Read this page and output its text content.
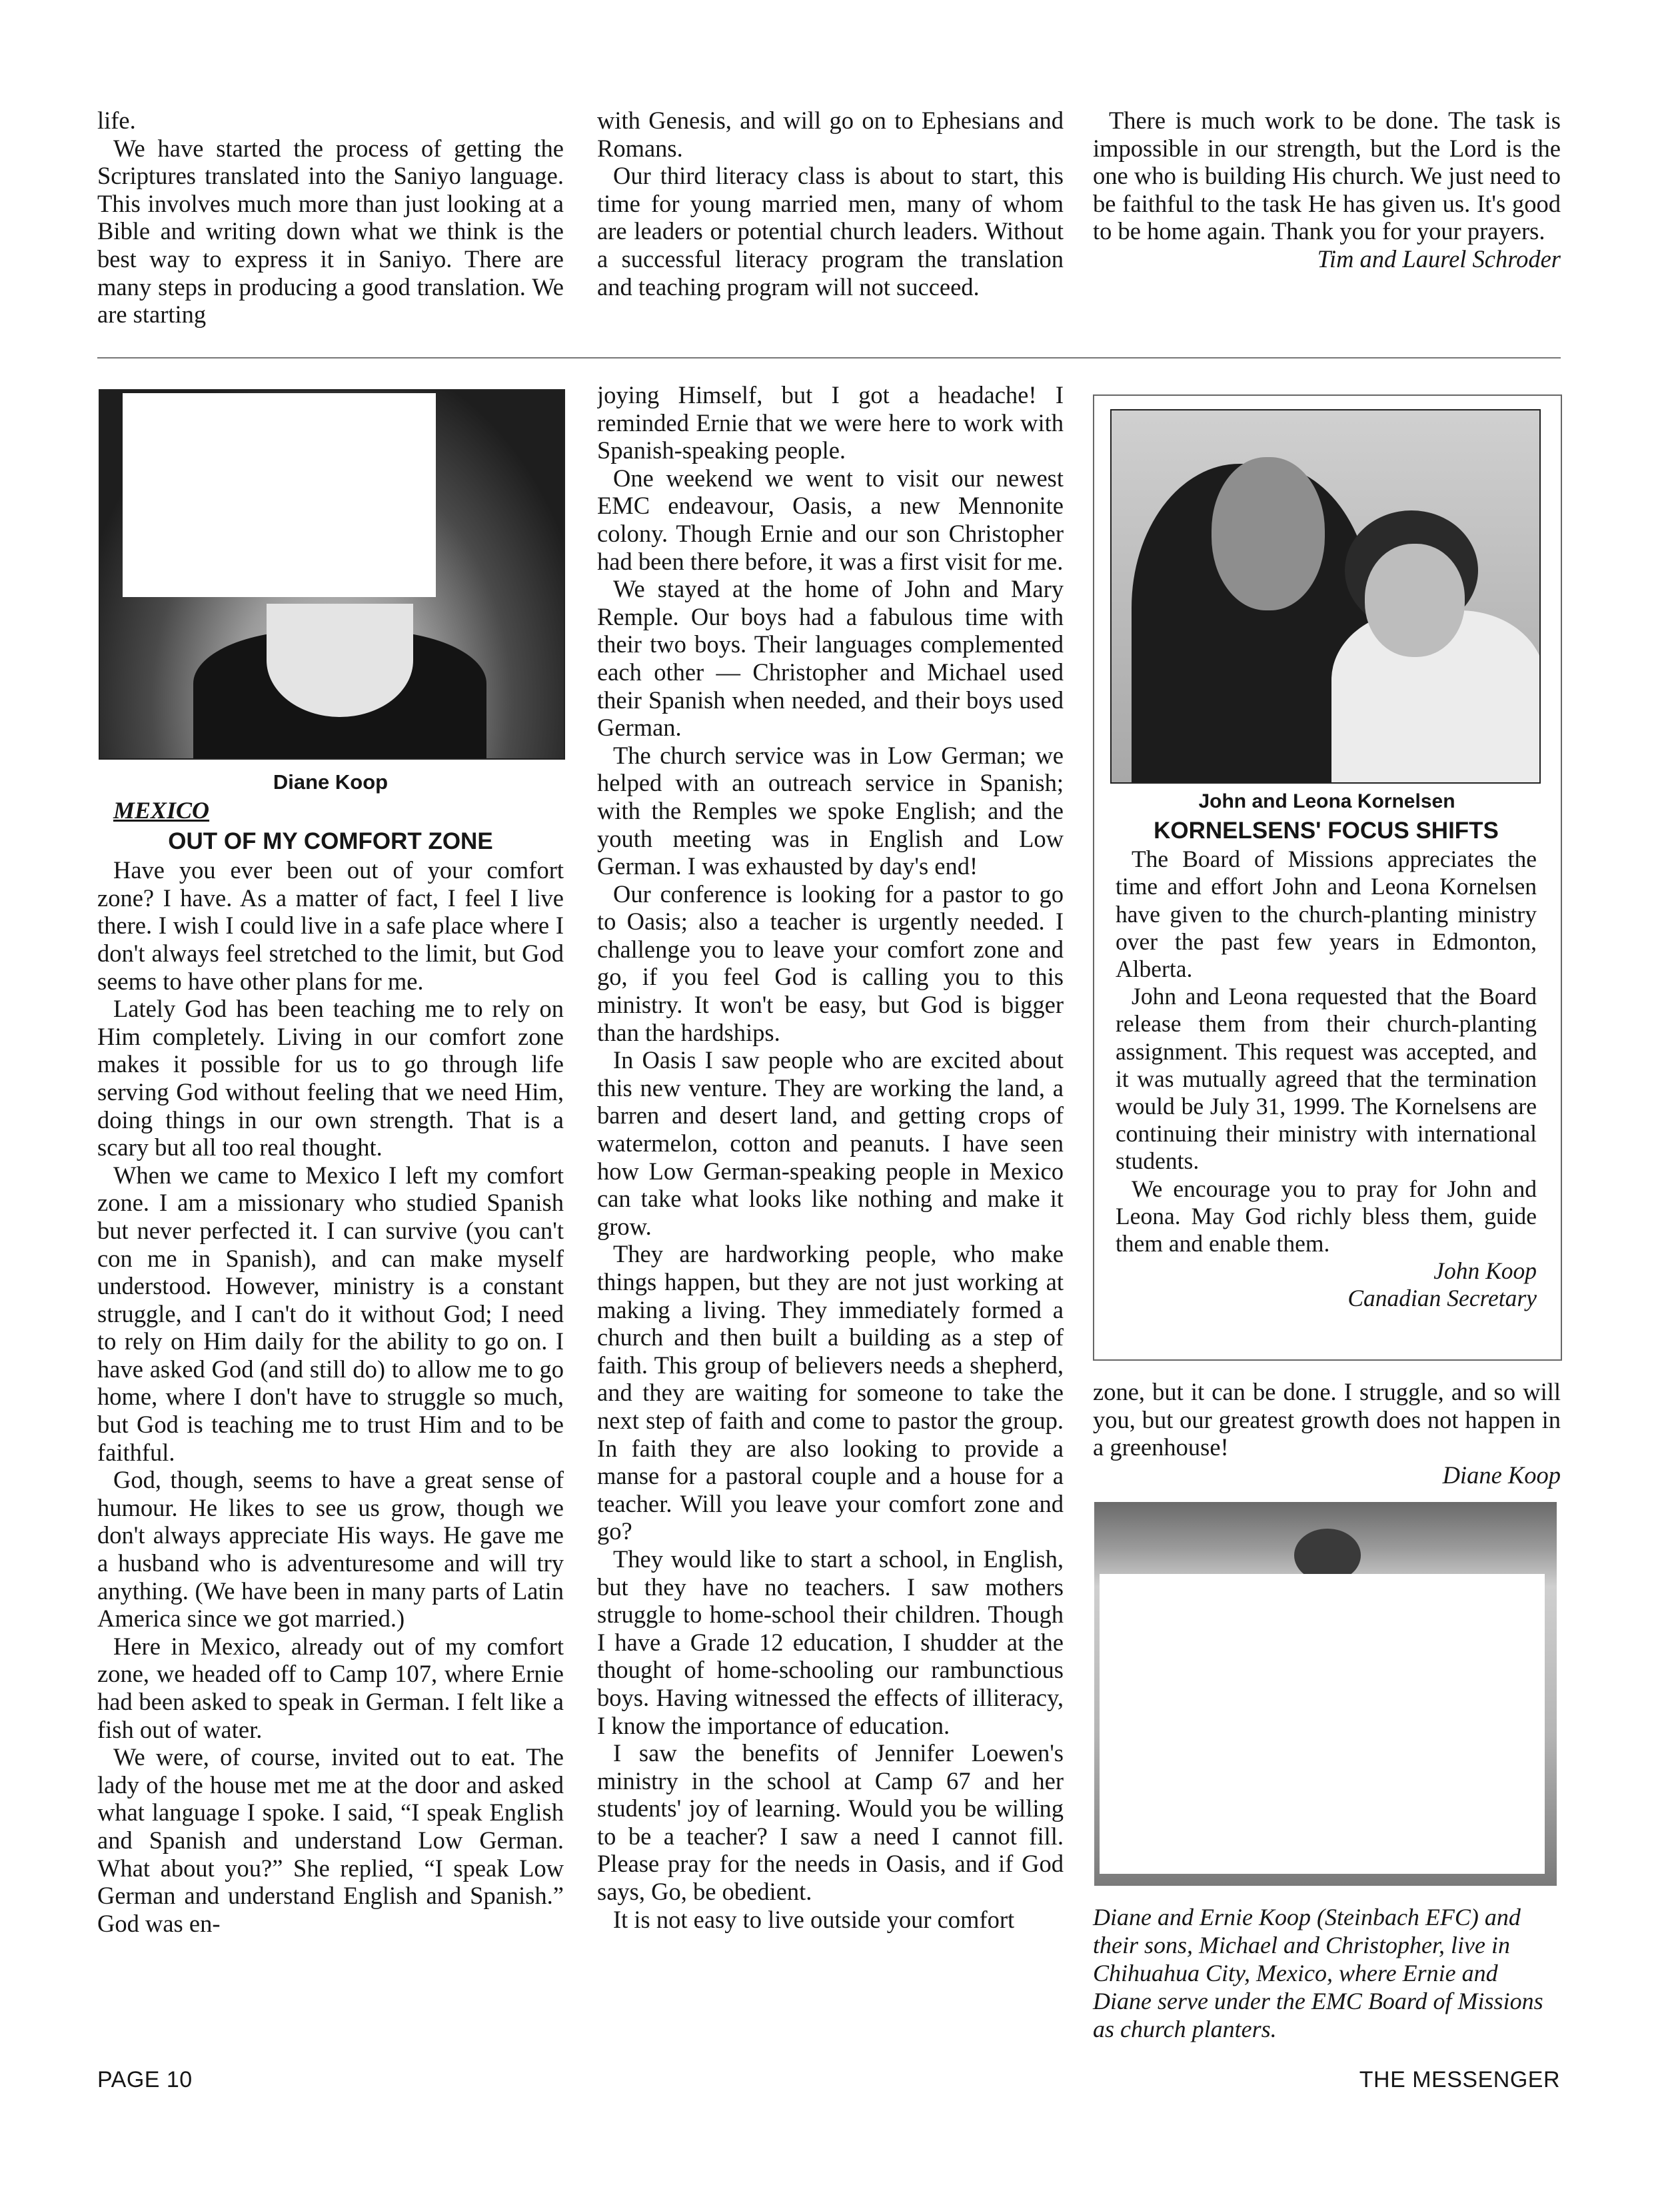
life.

We have started the process of getting the Scriptures translated into the Saniyo language. This involves much more than just looking at a Bible and writing down what we think is the best way to express it in Saniyo. There are many steps in producing a good translation. We are starting

with Genesis, and will go on to Ephesians and Romans.

Our third literacy class is about to start, this time for young married men, many of whom are leaders or potential church leaders. Without a successful literacy program the translation and teaching program will not succeed.

There is much work to be done. The task is impossible in our strength, but the Lord is the one who is building His church. We just need to be faithful to the task He has given us. It's good to be home again. Thank you for your prayers.

Tim and Laurel Schroder

Diane Koop

MEXICO

OUT OF MY COMFORT ZONE

Have you ever been out of your comfort zone? I have. As a matter of fact, I feel I live there. I wish I could live in a safe place where I don't always feel stretched to the limit, but God seems to have other plans for me.

Lately God has been teaching me to rely on Him completely. Living in our comfort zone makes it possible for us to go through life serving God without feeling that we need Him, doing things in our own strength. That is a scary but all too real thought.

When we came to Mexico I left my comfort zone. I am a missionary who studied Spanish but never perfected it. I can survive (you can't con me in Spanish), and can make myself understood. However, ministry is a constant struggle, and I can't do it without God; I need to rely on Him daily for the ability to go on. I have asked God (and still do) to allow me to go home, where I don't have to struggle so much, but God is teaching me to trust Him and to be faithful.

God, though, seems to have a great sense of humour. He likes to see us grow, though we don't always appreciate His ways. He gave me a husband who is adventuresome and will try anything. (We have been in many parts of Latin America since we got married.)

Here in Mexico, already out of my comfort zone, we headed off to Camp 107, where Ernie had been asked to speak in German. I felt like a fish out of water.

We were, of course, invited out to eat. The lady of the house met me at the door and asked what language I spoke. I said, “I speak English and Spanish and understand Low German. What about you?” She replied, “I speak Low German and understand English and Spanish.” God was en-

joying Himself, but I got a headache! I reminded Ernie that we were here to work with Spanish-speaking people.

One weekend we went to visit our newest EMC endeavour, Oasis, a new Mennonite colony. Though Ernie and our son Christopher had been there before, it was a first visit for me.

We stayed at the home of John and Mary Remple. Our boys had a fabulous time with their two boys. Their languages complemented each other — Christopher and Michael used their Spanish when needed, and their boys used German.

The church service was in Low German; we helped with an outreach service in Spanish; with the Remples we spoke English; and the youth meeting was in English and Low German. I was exhausted by day's end!

Our conference is looking for a pastor to go to Oasis; also a teacher is urgently needed. I challenge you to leave your comfort zone and go, if you feel God is calling you to this ministry. It won't be easy, but God is bigger than the hardships.

In Oasis I saw people who are excited about this new venture. They are working the land, a barren and desert land, and getting crops of watermelon, cotton and peanuts. I have seen how Low German-speaking people in Mexico can take what looks like nothing and make it grow.

They are hardworking people, who make things happen, but they are not just working at making a living. They immediately formed a church and then built a building as a step of faith. This group of believers needs a shepherd, and they are waiting for someone to take the next step of faith and come to pastor the group. In faith they are also looking to provide a manse for a pastoral couple and a house for a teacher. Will you leave your comfort zone and go?

They would like to start a school, in English, but they have no teachers. I saw mothers struggle to home-school their children. Though I have a Grade 12 education, I shudder at the thought of home-schooling our rambunctious boys. Having witnessed the effects of illiteracy, I know the importance of education.

I saw the benefits of Jennifer Loewen's ministry in the school at Camp 67 and her students' joy of learning. Would you be willing to be a teacher? I saw a need I cannot fill. Please pray for the needs in Oasis, and if God says, Go, be obedient.

It is not easy to live outside your comfort

John and Leona Kornelsen
KORNELSENS' FOCUS SHIFTS

The Board of Missions appreciates the time and effort John and Leona Kornelsen have given to the church-planting ministry over the past few years in Edmonton, Alberta.

John and Leona requested that the Board release them from their church-planting assignment. This request was accepted, and it was mutually agreed that the termination would be July 31, 1999. The Kornelsens are continuing their ministry with international students.

We encourage you to pray for John and Leona. May God richly bless them, guide them and enable them.

John Koop

Canadian Secretary

zone, but it can be done. I struggle, and so will you, but our greatest growth does not happen in a greenhouse!

Diane Koop

Diane and Ernie Koop (Steinbach EFC) and their sons, Michael and Christopher, live in Chihuahua City, Mexico, where Ernie and Diane serve under the EMC Board of Missions as church planters.
PAGE 10	THE MESSENGER
